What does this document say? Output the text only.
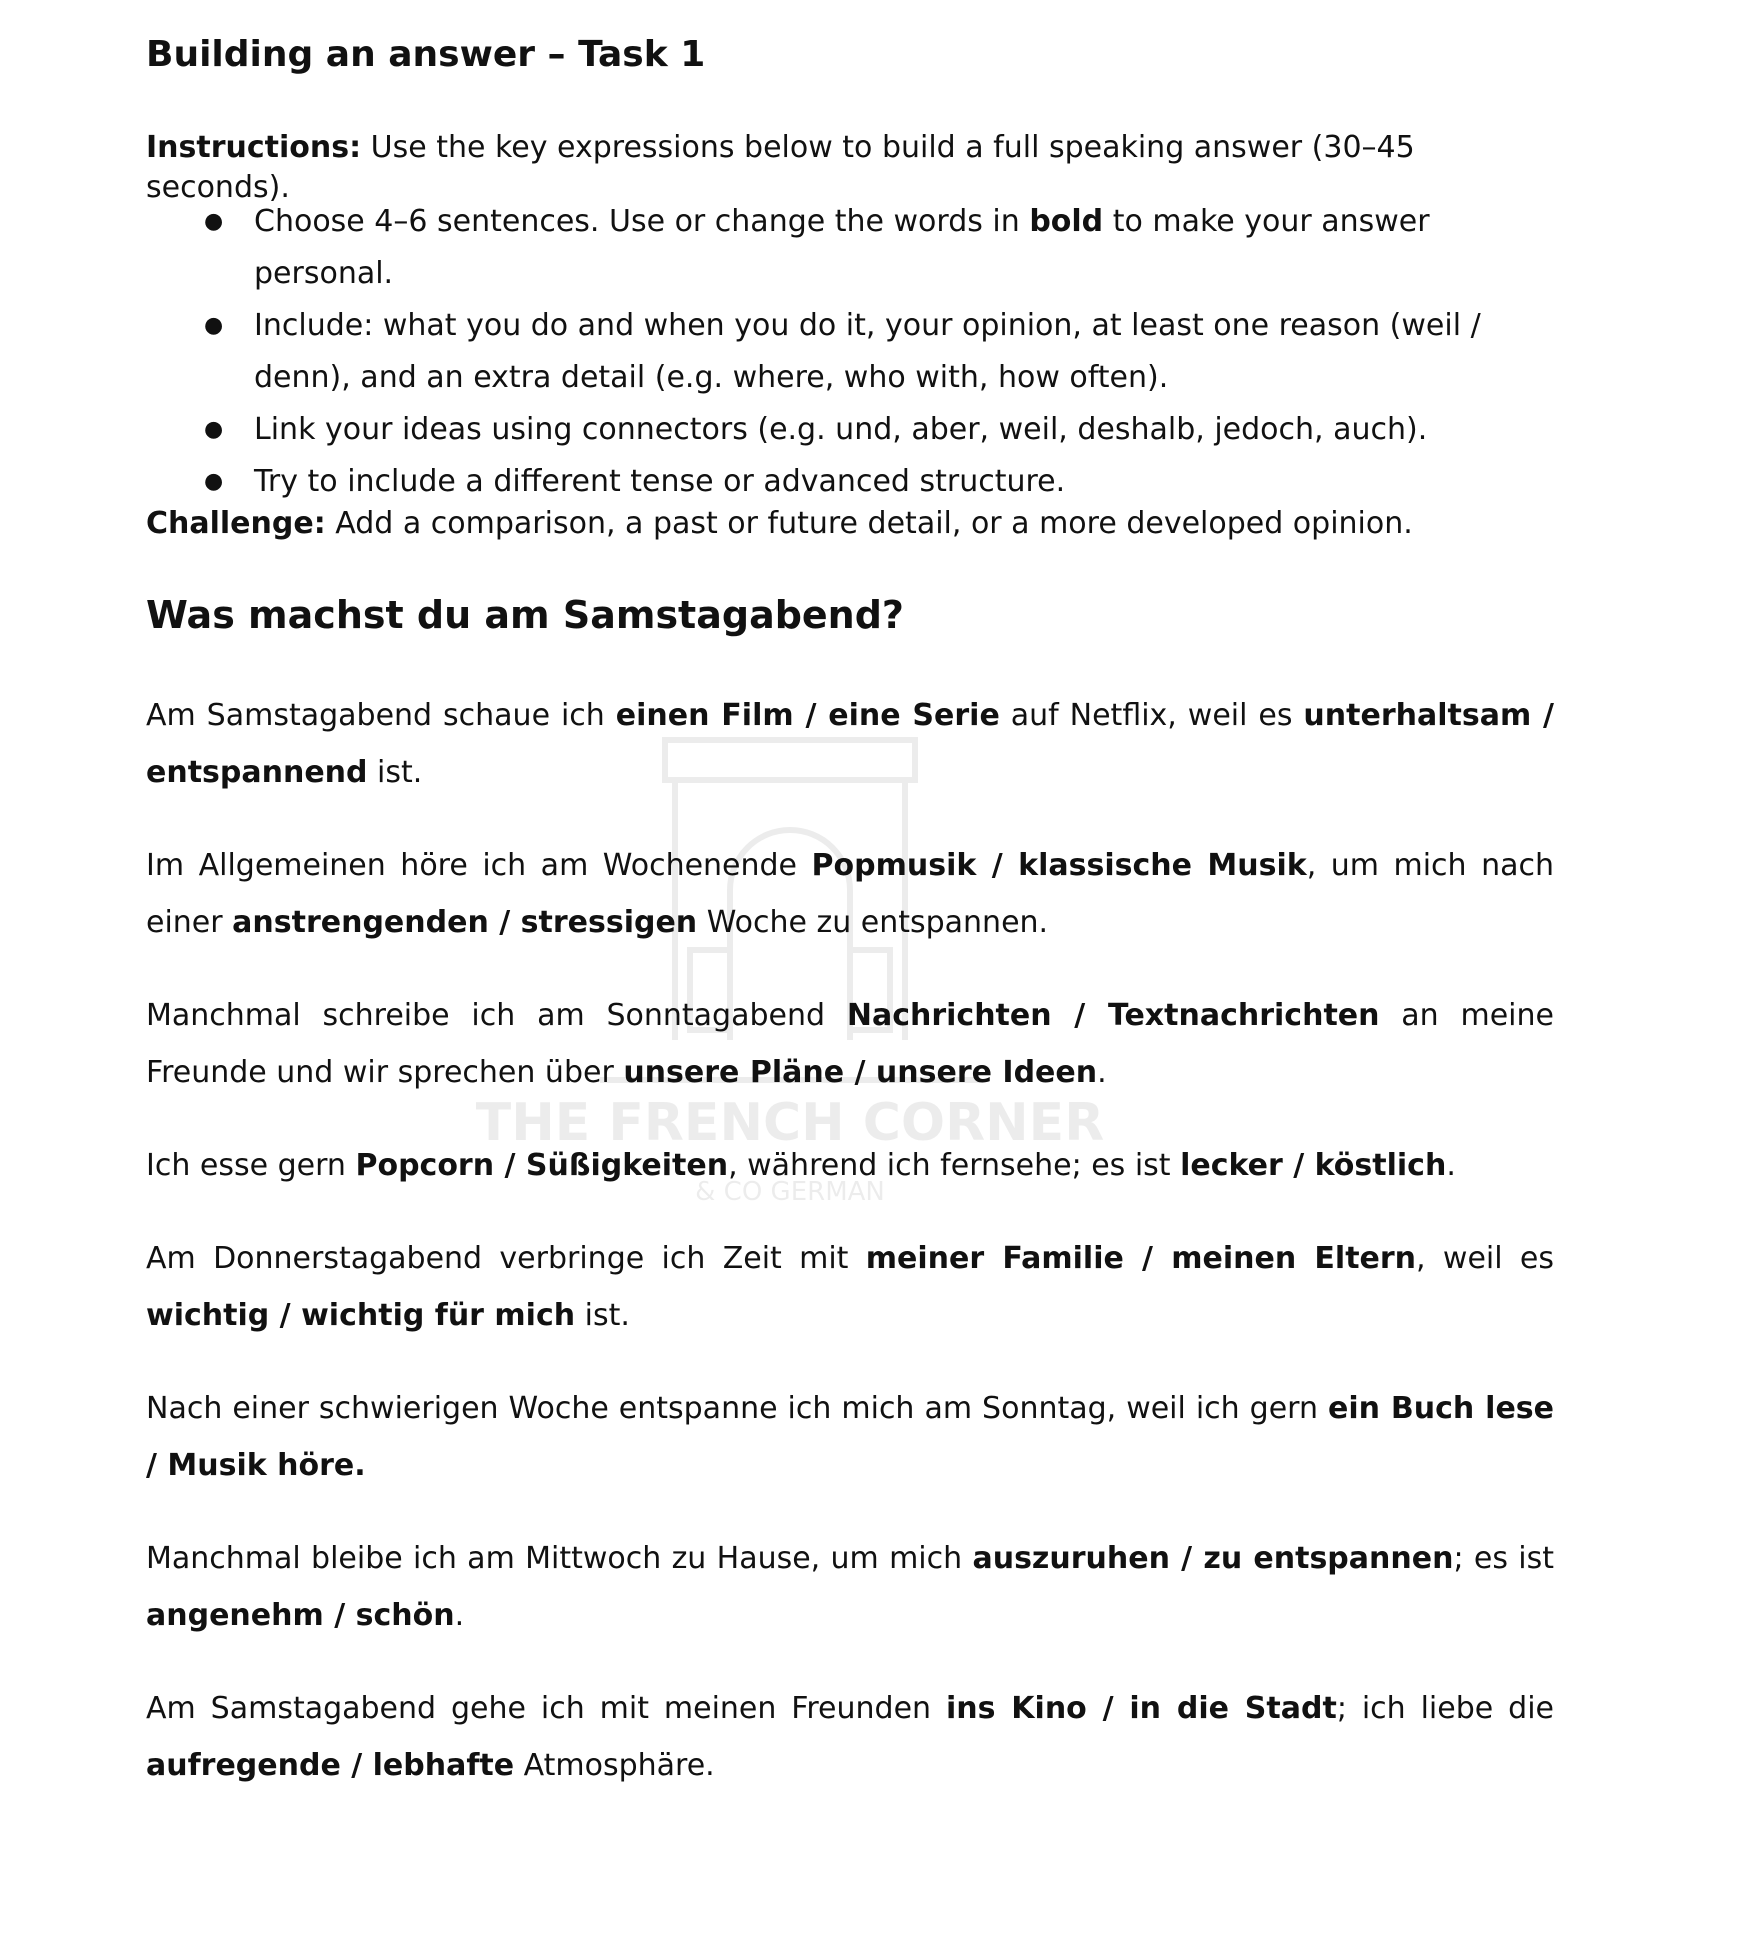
THE FRENCH CORNER
& CO GERMAN
Building an answer – Task 1

Instructions: Use the key expressions below to build a full speaking answer (30–45 seconds).

● Choose 4–6 sentences. Use or change the words in bold to make your answer personal.
● Include: what you do and when you do it, your opinion, at least one reason (weil / denn), and an extra detail (e.g. where, who with, how often).
● Link your ideas using connectors (e.g. und, aber, weil, deshalb, jedoch, auch).
● Try to include a different tense or advanced structure.

Challenge: Add a comparison, a past or future detail, or a more developed opinion.

Was machst du am Samstagabend?

Am Samstagabend schaue ich einen Film / eine Serie auf Netflix, weil es unterhaltsam / entspannend ist.

Im Allgemeinen höre ich am Wochenende Popmusik / klassische Musik, um mich nach einer anstrengenden / stressigen Woche zu entspannen.

Manchmal schreibe ich am Sonntagabend Nachrichten / Textnachrichten an meine Freunde und wir sprechen über unsere Pläne / unsere Ideen.

Ich esse gern Popcorn / Süßigkeiten, während ich fernsehe; es ist lecker / köstlich.

Am Donnerstagabend verbringe ich Zeit mit meiner Familie / meinen Eltern, weil es wichtig / wichtig für mich ist.

Nach einer schwierigen Woche entspanne ich mich am Sonntag, weil ich gern ein Buch lese / Musik höre.

Manchmal bleibe ich am Mittwoch zu Hause, um mich auszuruhen / zu entspannen; es ist angenehm / schön.

Am Samstagabend gehe ich mit meinen Freunden ins Kino / in die Stadt; ich liebe die aufregende / lebhafte Atmosphäre.
